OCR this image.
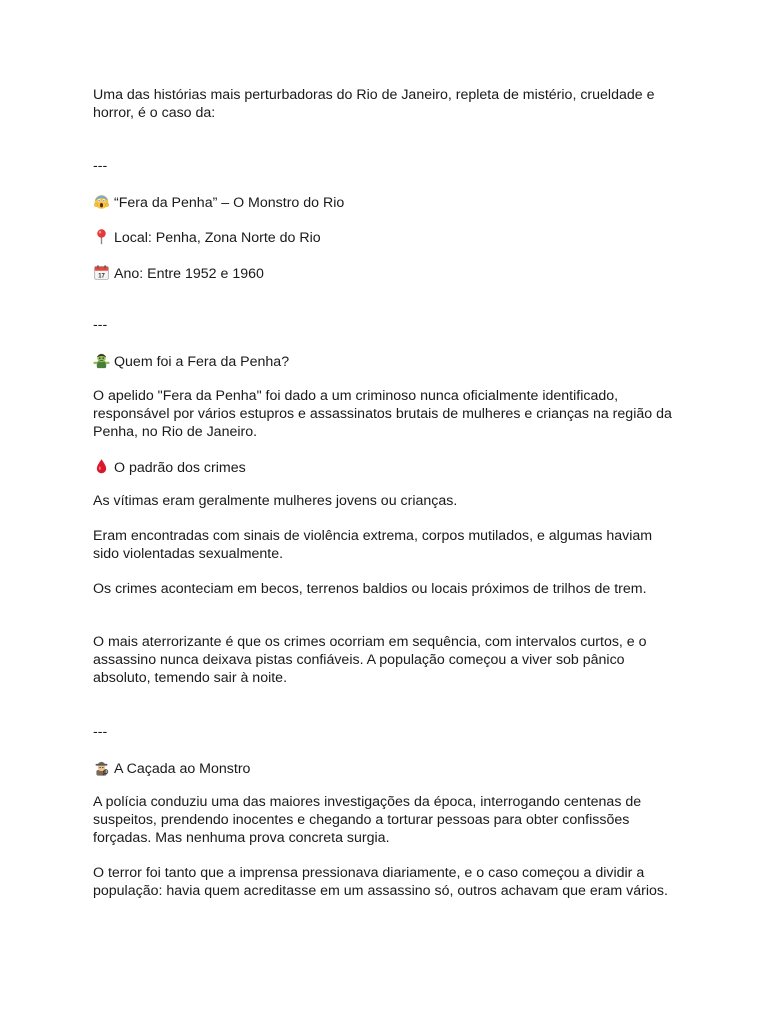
Uma das histórias mais perturbadoras do Rio de Janeiro, repleta de mistério, crueldade e horror, é o caso da:

---

“Fera da Penha” – O Monstro do Rio

Local: Penha, Zona Norte do Rio

17 Ano: Entre 1952 e 1960

---

Quem foi a Fera da Penha?

O apelido "Fera da Penha" foi dado a um criminoso nunca oficialmente identificado, responsável por vários estupros e assassinatos brutais de mulheres e crianças na região da Penha, no Rio de Janeiro.

O padrão dos crimes

As vítimas eram geralmente mulheres jovens ou crianças.

Eram encontradas com sinais de violência extrema, corpos mutilados, e algumas haviam sido violentadas sexualmente.

Os crimes aconteciam em becos, terrenos baldios ou locais próximos de trilhos de trem.

O mais aterrorizante é que os crimes ocorriam em sequência, com intervalos curtos, e o assassino nunca deixava pistas confiáveis. A população começou a viver sob pânico absoluto, temendo sair à noite.

---

A Caçada ao Monstro

A polícia conduziu uma das maiores investigações da época, interrogando centenas de suspeitos, prendendo inocentes e chegando a torturar pessoas para obter confissões forçadas. Mas nenhuma prova concreta surgia.

O terror foi tanto que a imprensa pressionava diariamente, e o caso começou a dividir a população: havia quem acreditasse em um assassino só, outros achavam que eram vários.
